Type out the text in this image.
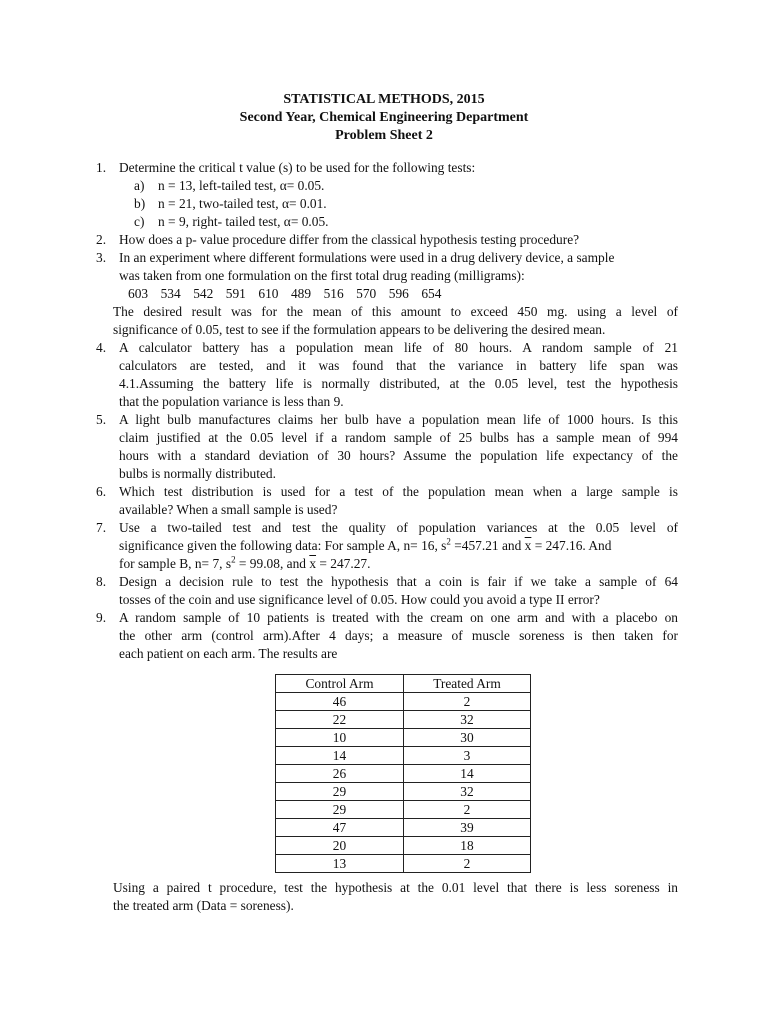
STATISTICAL METHODS, 2015
Second Year, Chemical Engineering Department
Problem Sheet 2
1. Determine the critical t value (s) to be used for the following tests:
a) n = 13, left-tailed test, α= 0.05.
b) n = 21, two-tailed test, α= 0.01.
c) n = 9, right- tailed test, α= 0.05.
2. How does a p- value procedure differ from the classical hypothesis testing procedure?
3. In an experiment where different formulations were used in a drug delivery device, a sample
was taken from one formulation on the first total drug reading (milligrams):
603 534 542 591 610 489 516 570 596 654
The desired result was for the mean of this amount to exceed 450 mg. using a level of
significance of 0.05, test to see if the formulation appears to be delivering the desired mean.
4. A calculator battery has a population mean life of 80 hours. A random sample of 21
calculators are tested, and it was found that the variance in battery life span was
4.1.Assuming the battery life is normally distributed, at the 0.05 level, test the hypothesis
that the population variance is less than 9.
5. A light bulb manufactures claims her bulb have a population mean life of 1000 hours. Is this
claim justified at the 0.05 level if a random sample of 25 bulbs has a sample mean of 994
hours with a standard deviation of 30 hours? Assume the population life expectancy of the
bulbs is normally distributed.
6. Which test distribution is used for a test of the population mean when a large sample is
available? When a small sample is used?
7. Use a two-tailed test and test the quality of population variances at the 0.05 level of
significance given the following data: For sample A, n= 16, $s^2 =457.21$ and $\overline{x} = 247.16$. And
for sample B, n= 7, $s^2 = 99.08$, and $\overline{x} = 247.27$.
8. Design a decision rule to test the hypothesis that a coin is fair if we take a sample of 64
tosses of the coin and use significance level of 0.05. How could you avoid a type II error?
9. A random sample of 10 patients is treated with the cream on one arm and with a placebo on
the other arm (control arm).After 4 days; a measure of muscle soreness is then taken for
each patient on each arm. The results are
Control Arm	Treated Arm
46	2
22	32
10	30
14	3
26	14
29	32
29	2
47	39
20	18
13	2
Using a paired t procedure, test the hypothesis at the 0.01 level that there is less soreness in
the treated arm (Data = soreness).
